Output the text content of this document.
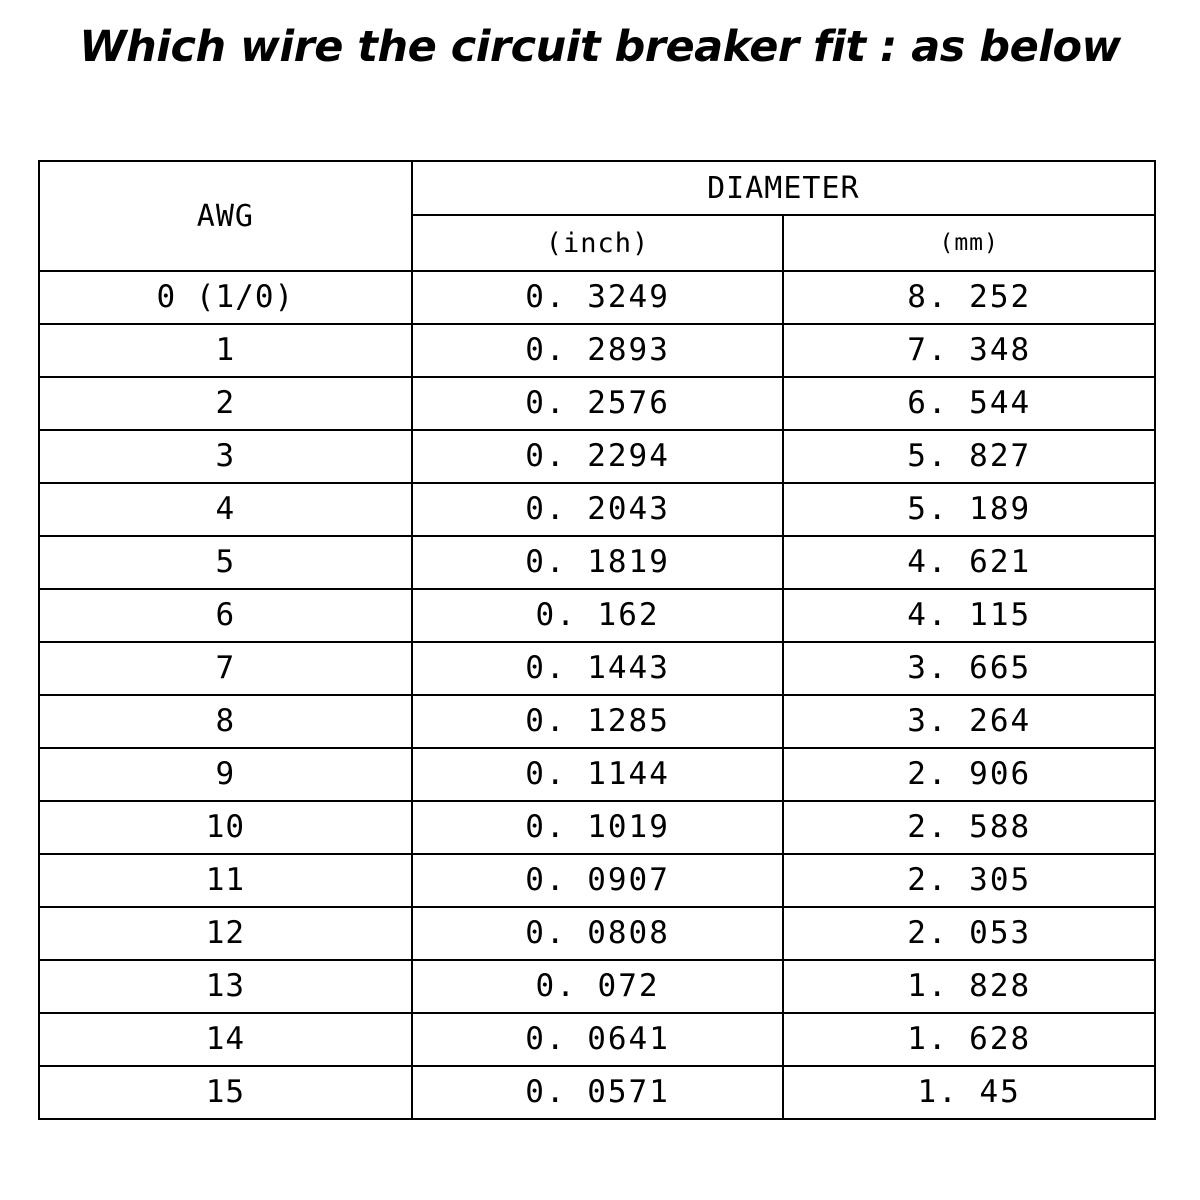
Which wire the circuit breaker fit : as below
AWG	DIAMETER	
	(inch)	(mm)
0 (1/0)	0. 3249	8. 252
1	0. 2893	7. 348
2	0. 2576	6. 544
3	0. 2294	5. 827
4	0. 2043	5. 189
5	0. 1819	4. 621
6	0. 162	4. 115
7	0. 1443	3. 665
8	0. 1285	3. 264
9	0. 1144	2. 906
10	0. 1019	2. 588
11	0. 0907	2. 305
12	0. 0808	2. 053
13	0. 072	1. 828
14	0. 0641	1. 628
15	0. 0571	1. 45
